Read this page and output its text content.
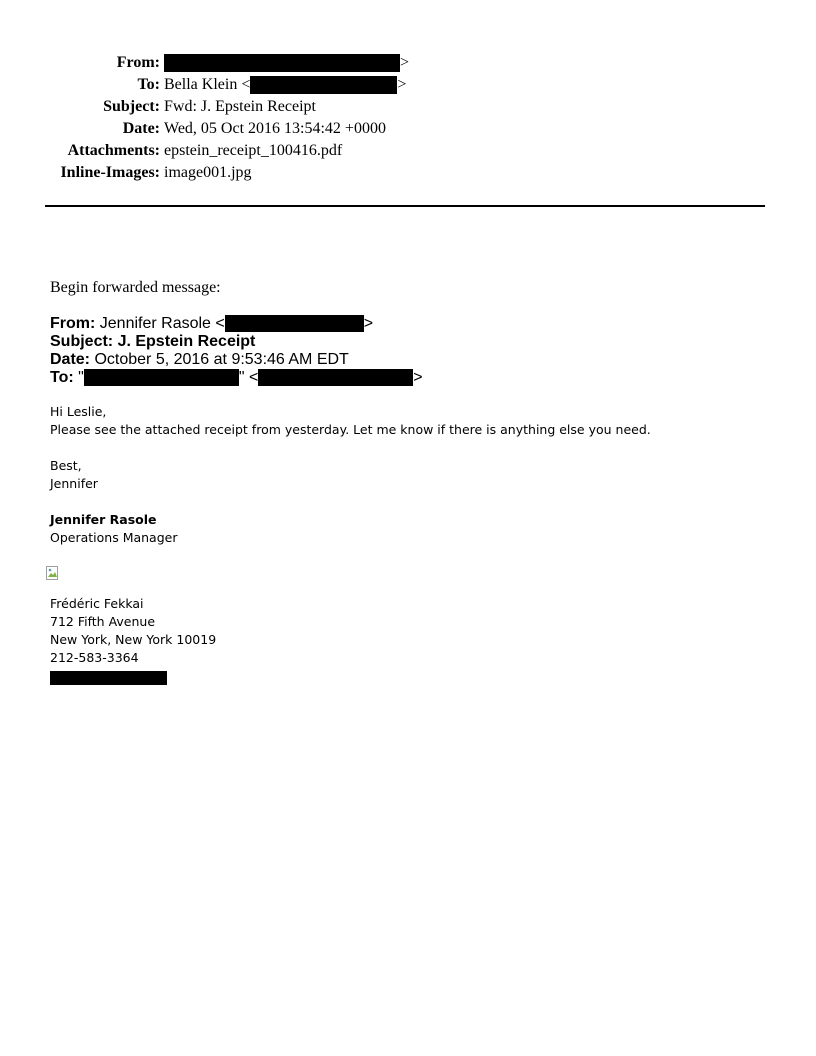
From:	>
To: Bella Klein <	>
Subject: Fwd: J. Epstein Receipt
Date: Wed, 05 Oct 2016 13:54:42 +0000
Attachments: epstein_receipt_100416.pdf
Inline-Images: image001.jpg
Begin forwarded message:
From: Jennifer Rasole <	>
Subject: J. Epstein Receipt
Date: October 5, 2016 at 9:53:46 AM EDT
To: "	" <	>
Hi Leslie,
Please see the attached receipt from yesterday. Let me know if there is anything else you need.
Best,
Jennifer
Jennifer Rasole
Operations Manager
Frédéric Fekkai
712 Fifth Avenue
New York, New York 10019
212-583-3364
